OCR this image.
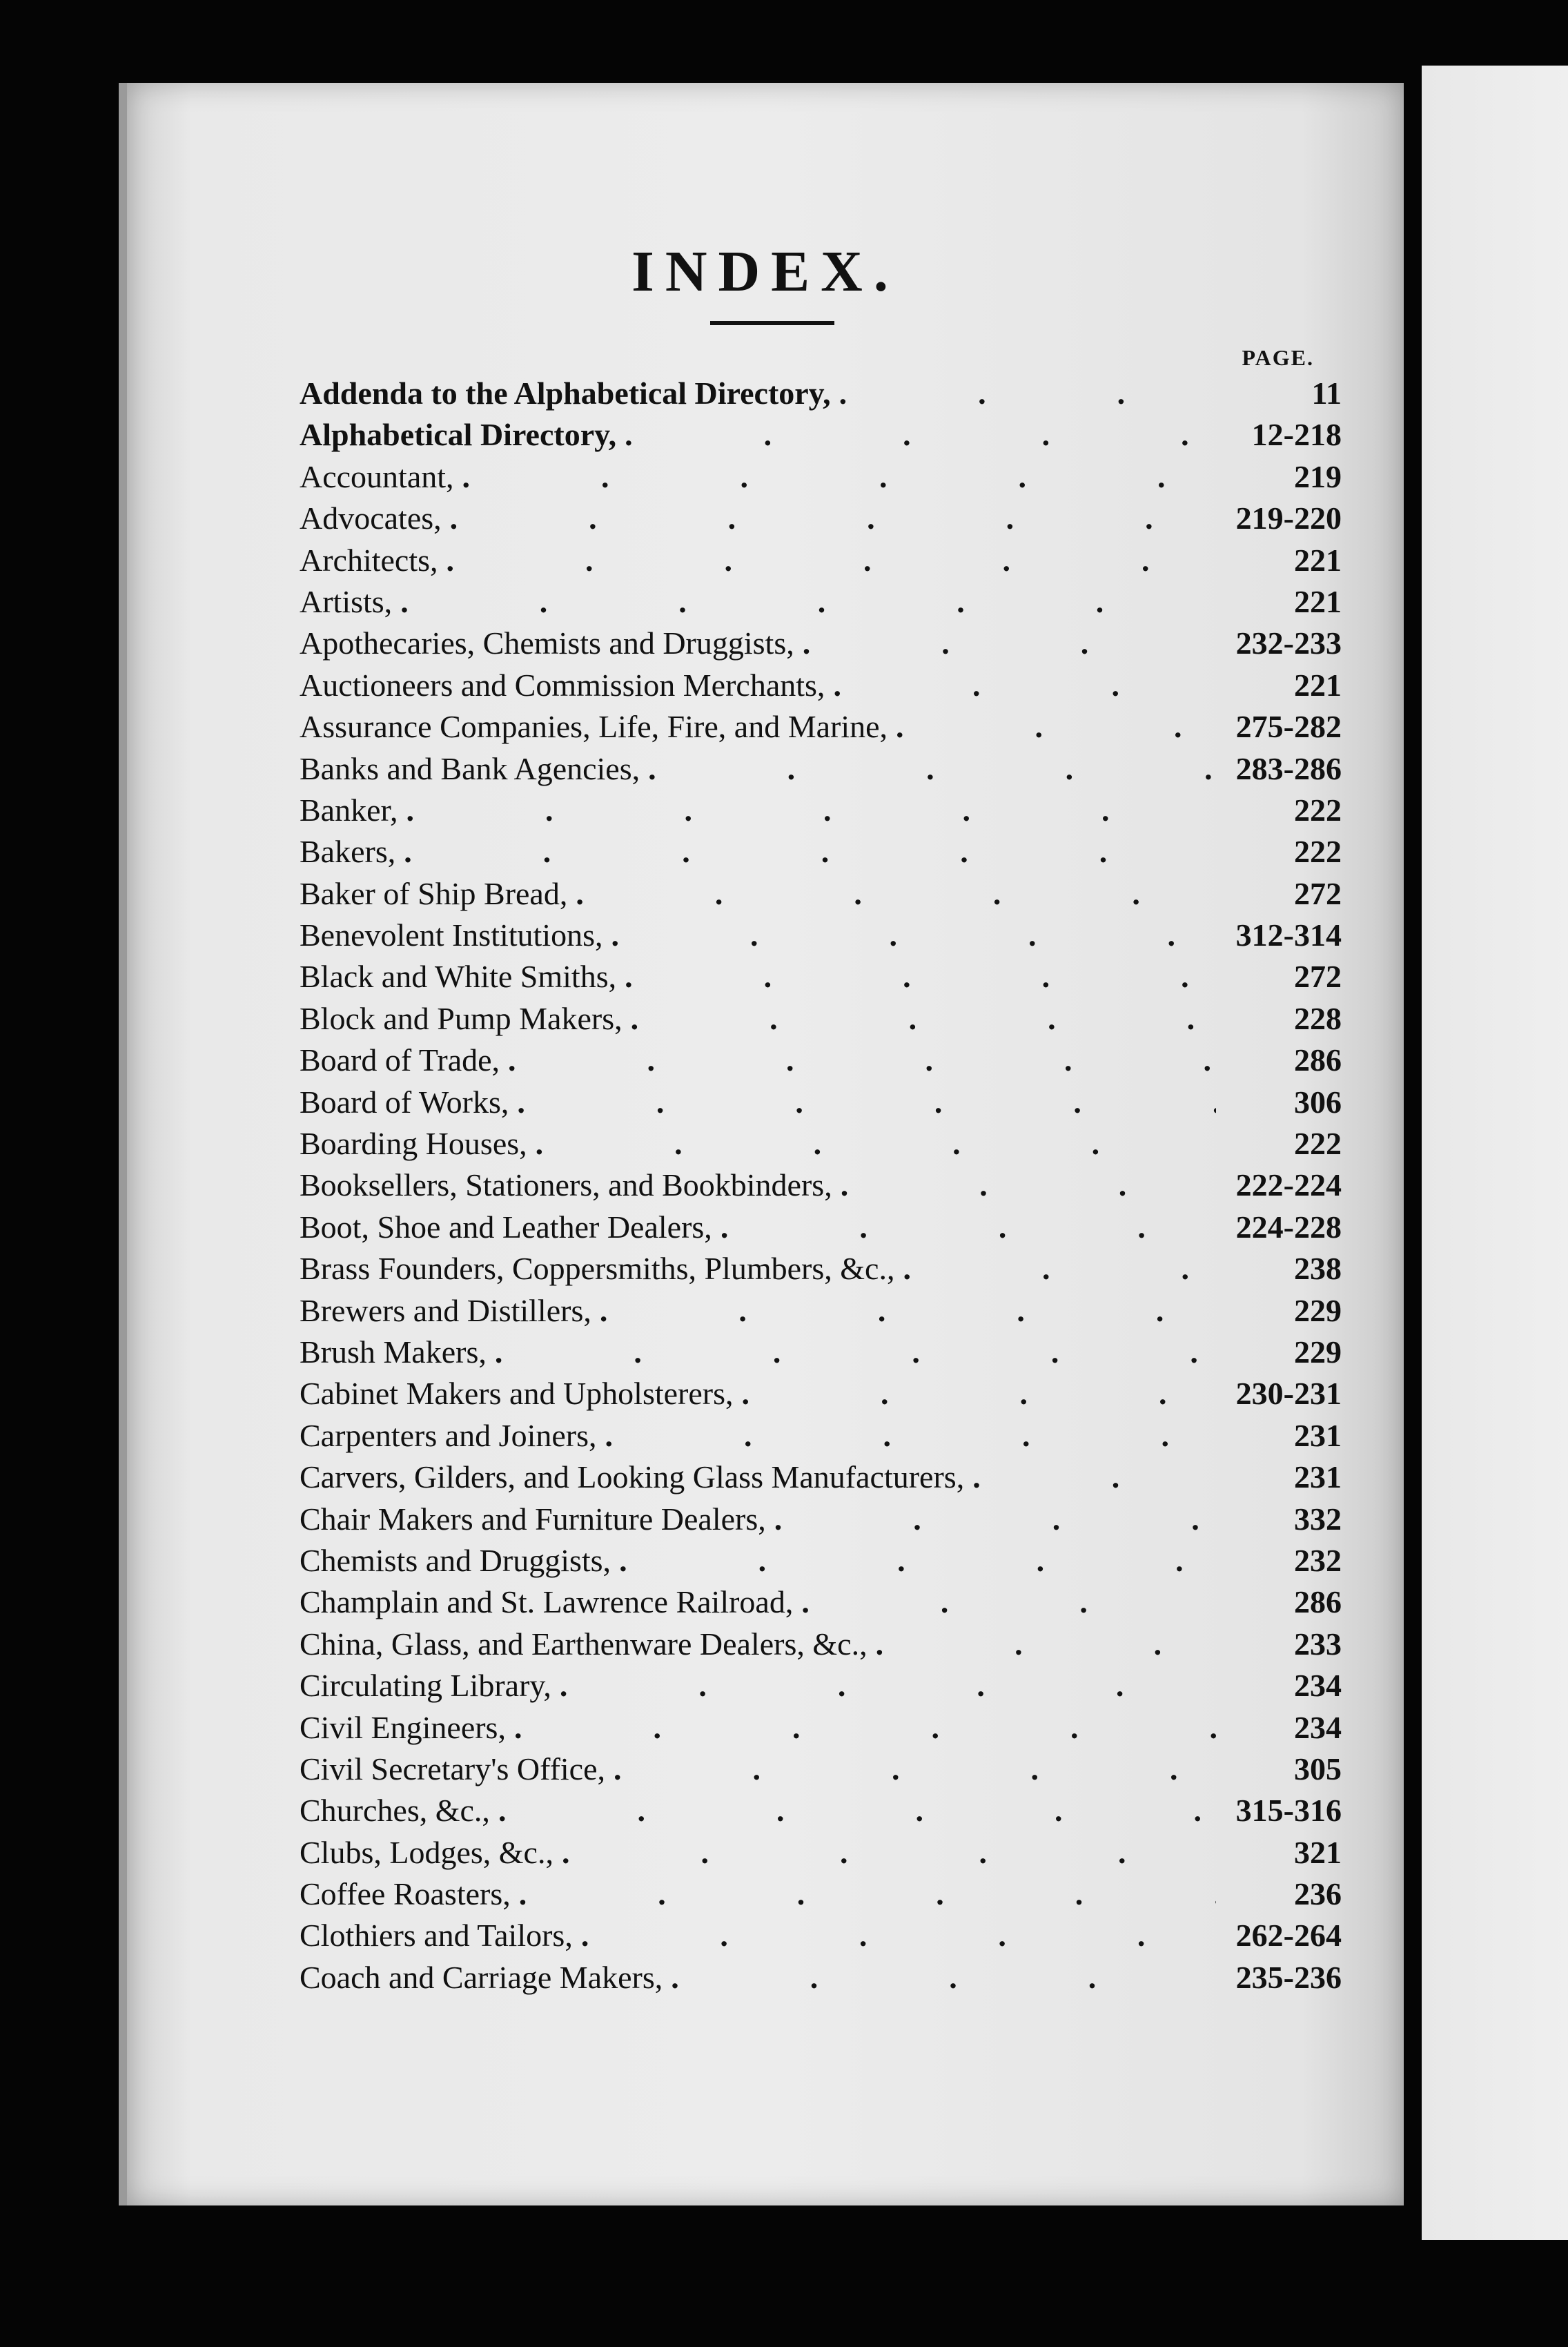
INDEX.
PAGE.
Addenda to the Alphabetical Directory, .	11
Alphabetical Directory, .	12-218
Accountant, .	219
Advocates, .	219-220
Architects, .	221
Artists, .	221
Apothecaries, Chemists and Druggists, .	232-233
Auctioneers and Commission Merchants, .	221
Assurance Companies, Life, Fire, and Marine, .	275-282
Banks and Bank Agencies, .	283-286
Banker, .	222
Bakers, .	222
Baker of Ship Bread, .	272
Benevolent Institutions, .	312-314
Black and White Smiths, .	272
Block and Pump Makers, .	228
Board of Trade, .	286
Board of Works, .	306
Boarding Houses, .	222
Booksellers, Stationers, and Bookbinders, .	222-224
Boot, Shoe and Leather Dealers, .	224-228
Brass Founders, Coppersmiths, Plumbers, &c., .	238
Brewers and Distillers, .	229
Brush Makers, .	229
Cabinet Makers and Upholsterers, .	230-231
Carpenters and Joiners, .	231
Carvers, Gilders, and Looking Glass Manufacturers, .	231
Chair Makers and Furniture Dealers, .	332
Chemists and Druggists, .	232
Champlain and St. Lawrence Railroad, .	286
China, Glass, and Earthenware Dealers, &c., .	233
Circulating Library, .	234
Civil Engineers, .	234
Civil Secretary's Office, .	305
Churches, &c., .	315-316
Clubs, Lodges, &c., .	321
Coffee Roasters, .	236
Clothiers and Tailors, .	262-264
Coach and Carriage Makers, .	235-236
